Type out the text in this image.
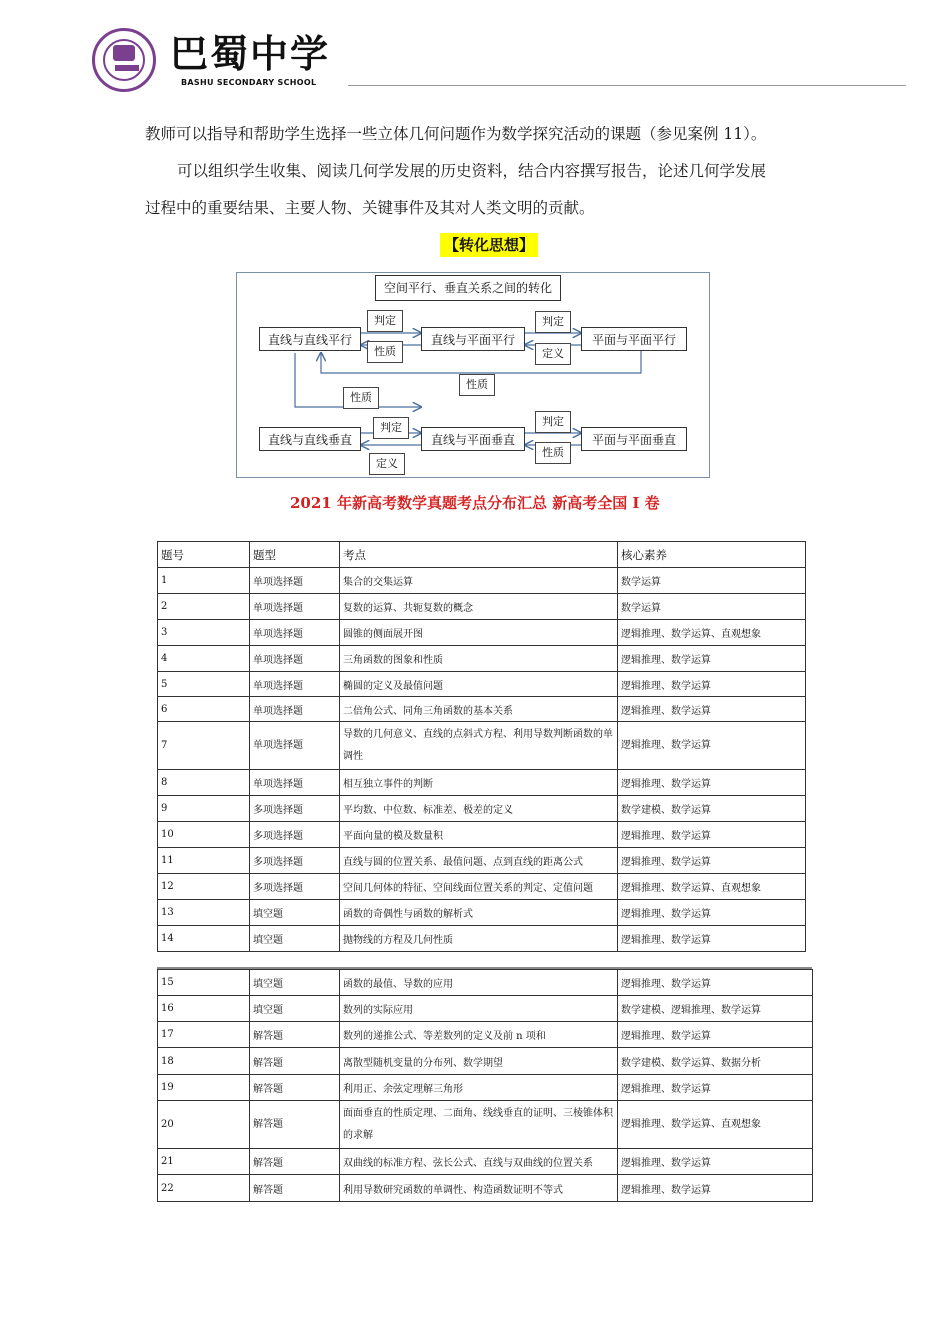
巴蜀中学
BASHU SECONDARY SCHOOL
教师可以指导和帮助学生选择一些立体几何问题作为数学探究活动的课题（参见案例 11）。
可以组织学生收集、阅读几何学发展的历史资料，结合内容撰写报告，论述几何学发展
过程中的重要结果、主要人物、关键事件及其对人类文明的贡献。
【转化思想】
空间平行、垂直关系之间的转化
直线与直线平行	直线与平面平行	平面与平面平行
直线与直线垂直	直线与平面垂直	平面与平面垂直
判定
性质
判定
定义
性质
性质
判定
定义
判定
性质
2021 年新高考数学真题考点分布汇总 新高考全国 I 卷
题号	题型	考点	核心素养
1	单项选择题	集合的交集运算	数学运算
2	单项选择题	复数的运算、共轭复数的概念	数学运算
3	单项选择题	圆锥的侧面展开图	逻辑推理、数学运算、直观想象
4	单项选择题	三角函数的图象和性质	逻辑推理、数学运算
5	单项选择题	椭圆的定义及最值问题	逻辑推理、数学运算
6	单项选择题	二倍角公式、同角三角函数的基本关系	逻辑推理、数学运算
7	单项选择题	导数的几何意义、直线的点斜式方程、利用导数判断函数的单调性	逻辑推理、数学运算
8	单项选择题	相互独立事件的判断	逻辑推理、数学运算
9	多项选择题	平均数、中位数、标准差、极差的定义	数学建模、数学运算
10	多项选择题	平面向量的模及数量积	逻辑推理、数学运算
11	多项选择题	直线与圆的位置关系、最值问题、点到直线的距离公式	逻辑推理、数学运算
12	多项选择题	空间几何体的特征、空间线面位置关系的判定、定值问题	逻辑推理、数学运算、直观想象
13	填空题	函数的奇偶性与函数的解析式	逻辑推理、数学运算
14	填空题	抛物线的方程及几何性质	逻辑推理、数学运算
15	填空题	函数的最值、导数的应用	逻辑推理、数学运算
16	填空题	数列的实际应用	数学建模、逻辑推理、数学运算
17	解答题	数列的递推公式、等差数列的定义及前 n 项和	逻辑推理、数学运算
18	解答题	离散型随机变量的分布列、数学期望	数学建模、数学运算、数据分析
19	解答题	利用正、余弦定理解三角形	逻辑推理、数学运算
20	解答题	面面垂直的性质定理、二面角、线线垂直的证明、三棱锥体积的求解	逻辑推理、数学运算、直观想象
21	解答题	双曲线的标准方程、弦长公式、直线与双曲线的位置关系	逻辑推理、数学运算
22	解答题	利用导数研究函数的单调性、构造函数证明不等式	逻辑推理、数学运算
